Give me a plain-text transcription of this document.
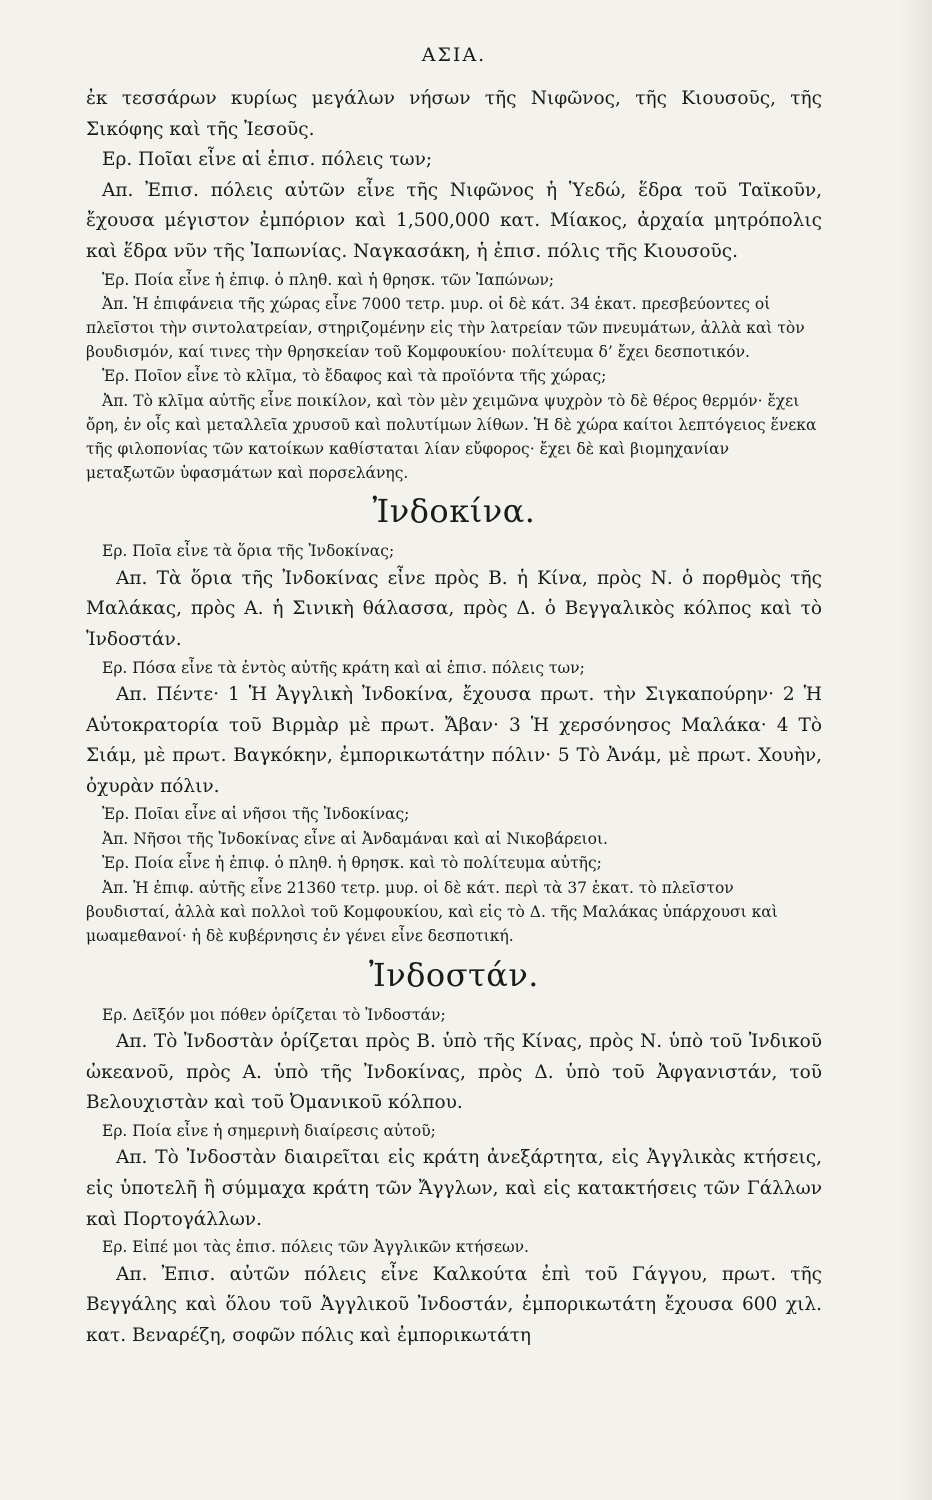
ΑΣΙΑ.

ἐκ τεσσάρων κυρίως μεγάλων νήσων τῆς Νιφῶνος, τῆς Κιουσοῦς, τῆς Σικόφης καὶ τῆς Ἰεσοῦς.

Ερ. Ποῖαι εἶνε αἱ ἐπισ. πόλεις των;

Απ. Ἐπισ. πόλεις αὐτῶν εἶνε τῆς Νιφῶνος ἡ Ὑεδώ, ἕδρα τοῦ Ταϊκοῦν, ἔχουσα μέγιστον ἐμπόριον καὶ 1,500,000 κατ. Μίακος, ἀρχαία μητρόπολις καὶ ἕδρα νῦν τῆς Ἰαπωνίας. Ναγκασάκη, ἡ ἐπισ. πόλις τῆς Κιουσοῦς.

Ἐρ. Ποία εἶνε ἡ ἐπιφ. ὁ πληθ. καὶ ἡ θρησκ. τῶν Ἰαπώνων;

Ἀπ. Ἡ ἐπιφάνεια τῆς χώρας εἶνε 7000 τετρ. μυρ. οἱ δὲ κάτ. 34 ἑκατ. πρεσβεύοντες οἱ πλεῖστοι τὴν σιντολατρείαν, στηριζομένην εἰς τὴν λατρείαν τῶν πνευμάτων, ἀλλὰ καὶ τὸν βουδισμόν, καί τινες τὴν θρησκείαν τοῦ Κομφουκίου· πολίτευμα δ’ ἔχει δεσποτικόν.

Ἐρ. Ποῖον εἶνε τὸ κλῖμα, τὸ ἔδαφος καὶ τὰ προϊόντα τῆς χώρας;

Ἀπ. Τὸ κλῖμα αὐτῆς εἶνε ποικίλον, καὶ τὸν μὲν χειμῶνα ψυχρὸν τὸ δὲ θέρος θερμόν· ἔχει ὄρη, ἐν οἷς καὶ μεταλλεῖα χρυσοῦ καὶ πολυτίμων λίθων. Ἡ δὲ χώρα καίτοι λεπτόγειος ἕνεκα τῆς φιλοπονίας τῶν κατοίκων καθίσταται λίαν εὔφορος· ἔχει δὲ καὶ βιομηχανίαν μεταξωτῶν ὑφασμάτων καὶ πορσελάνης.

Ἰνδοκίνα.

Ερ. Ποῖα εἶνε τὰ ὅρια τῆς Ἰνδοκίνας;

Απ. Τὰ ὅρια τῆς Ἰνδοκίνας εἶνε πρὸς Β. ἡ Κίνα, πρὸς Ν. ὁ πορθμὸς τῆς Μαλάκας, πρὸς Α. ἡ Σινικὴ θάλασσα, πρὸς Δ. ὁ Βεγγαλικὸς κόλπος καὶ τὸ Ἰνδοστάν.

Ερ. Πόσα εἶνε τὰ ἐντὸς αὐτῆς κράτη καὶ αἱ ἐπισ. πόλεις των;

Απ. Πέντε· 1 Ἡ Ἀγγλικὴ Ἰνδοκίνα, ἔχουσα πρωτ. τὴν Σιγκαπούρην· 2 Ἡ Αὐτοκρατορία τοῦ Βιρμὰρ μὲ πρωτ. Ἄβαν· 3 Ἡ χερσόνησος Μαλάκα· 4 Τὸ Σιάμ, μὲ πρωτ. Βαγκόκην, ἐμπορικωτάτην πόλιν· 5 Τὸ Ἀνάμ, μὲ πρωτ. Χουὴν, ὀχυρὰν πόλιν.

Ἐρ. Ποῖαι εἶνε αἱ νῆσοι τῆς Ἰνδοκίνας;

Ἀπ. Νῆσοι τῆς Ἰνδοκίνας εἶνε αἱ Ἀνδαμάναι καὶ αἱ Νικοβάρειοι.

Ἐρ. Ποία εἶνε ἡ ἐπιφ. ὁ πληθ. ἡ θρησκ. καὶ τὸ πολίτευμα αὐτῆς;

Ἀπ. Ἡ ἐπιφ. αὐτῆς εἶνε 21360 τετρ. μυρ. οἱ δὲ κάτ. περὶ τὰ 37 ἑκατ. τὸ πλεῖστον βουδισταί, ἀλλὰ καὶ πολλοὶ τοῦ Κομφουκίου, καὶ εἰς τὸ Δ. τῆς Μαλάκας ὑπάρχουσι καὶ μωαμεθανοί· ἡ δὲ κυβέρνησις ἐν γένει εἶνε δεσποτική.

Ἰνδοστάν.

Ερ. Δεῖξόν μοι πόθεν ὁρίζεται τὸ Ἰνδοστάν;

Απ. Τὸ Ἰνδοστὰν ὁρίζεται πρὸς Β. ὑπὸ τῆς Κίνας, πρὸς Ν. ὑπὸ τοῦ Ἰνδικοῦ ὠκεανοῦ, πρὸς Α. ὑπὸ τῆς Ἰνδοκίνας, πρὸς Δ. ὑπὸ τοῦ Ἀφγανιστάν, τοῦ Βελουχιστὰν καὶ τοῦ Ὀμανικοῦ κόλπου.

Ερ. Ποία εἶνε ἡ σημερινὴ διαίρεσις αὐτοῦ;

Απ. Τὸ Ἰνδοστὰν διαιρεῖται εἰς κράτη ἀνεξάρτητα, εἰς Ἀγγλικὰς κτήσεις, εἰς ὑποτελῆ ἢ σύμμαχα κράτη τῶν Ἄγγλων, καὶ εἰς κατακτήσεις τῶν Γάλλων καὶ Πορτογάλλων.

Ερ. Εἰπέ μοι τὰς ἐπισ. πόλεις τῶν Ἀγγλικῶν κτήσεων.

Απ. Ἐπισ. αὐτῶν πόλεις εἶνε Καλκούτα ἐπὶ τοῦ Γάγγου, πρωτ. τῆς Βεγγάλης καὶ ὅλου τοῦ Ἀγγλικοῦ Ἰνδοστάν, ἐμπορικωτάτη ἔχουσα 600 χιλ. κατ. Βεναρέζη, σοφῶν πόλις καὶ ἐμπορικωτάτη
